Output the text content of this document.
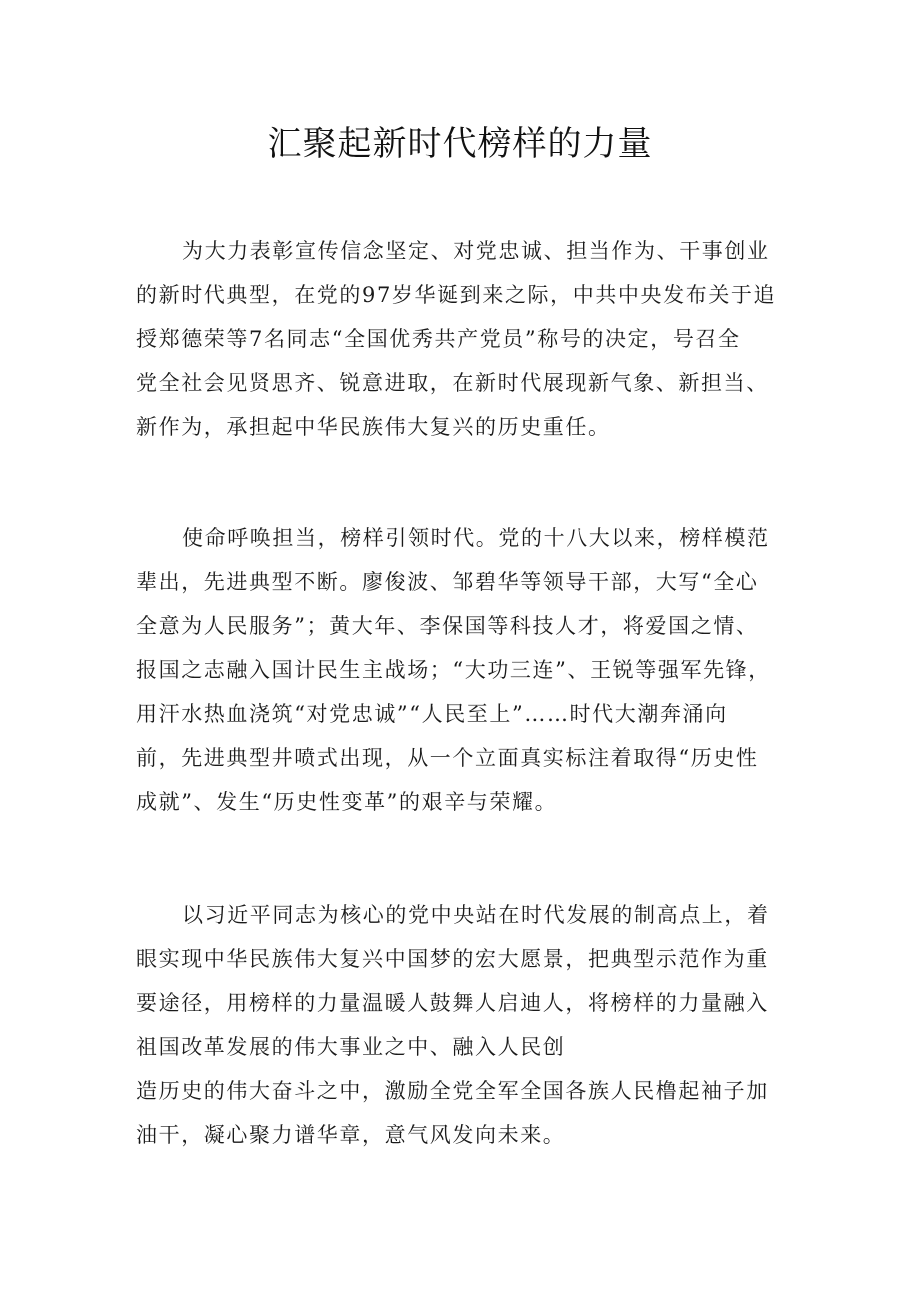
汇聚起新时代榜样的力量
为大力表彰宣传信念坚定、对党忠诚、担当作为、干事创业
的新时代典型，在党的97岁华诞到来之际，中共中央发布关于追
授郑德荣等7名同志“全国优秀共产党员”称号的决定，号召全
党全社会见贤思齐、锐意进取，在新时代展现新气象、新担当、
新作为，承担起中华民族伟大复兴的历史重任。
使命呼唤担当，榜样引领时代。党的十八大以来，榜样模范
辈出，先进典型不断。廖俊波、邹碧华等领导干部，大写“全心
全意为人民服务”；黄大年、李保国等科技人才，将爱国之情、
报国之志融入国计民生主战场；“大功三连”、王锐等强军先锋，
用汗水热血浇筑“对党忠诚”“人民至上”……时代大潮奔涌向
前，先进典型井喷式出现，从一个立面真实标注着取得“历史性
成就”、发生“历史性变革”的艰辛与荣耀。
以习近平同志为核心的党中央站在时代发展的制高点上，着
眼实现中华民族伟大复兴中国梦的宏大愿景，把典型示范作为重
要途径，用榜样的力量温暖人鼓舞人启迪人，将榜样的力量融入
祖国改革发展的伟大事业之中、融入人民创
造历史的伟大奋斗之中，激励全党全军全国各族人民橹起袖子加
油干，凝心聚力谱华章，意气风发向未来。
